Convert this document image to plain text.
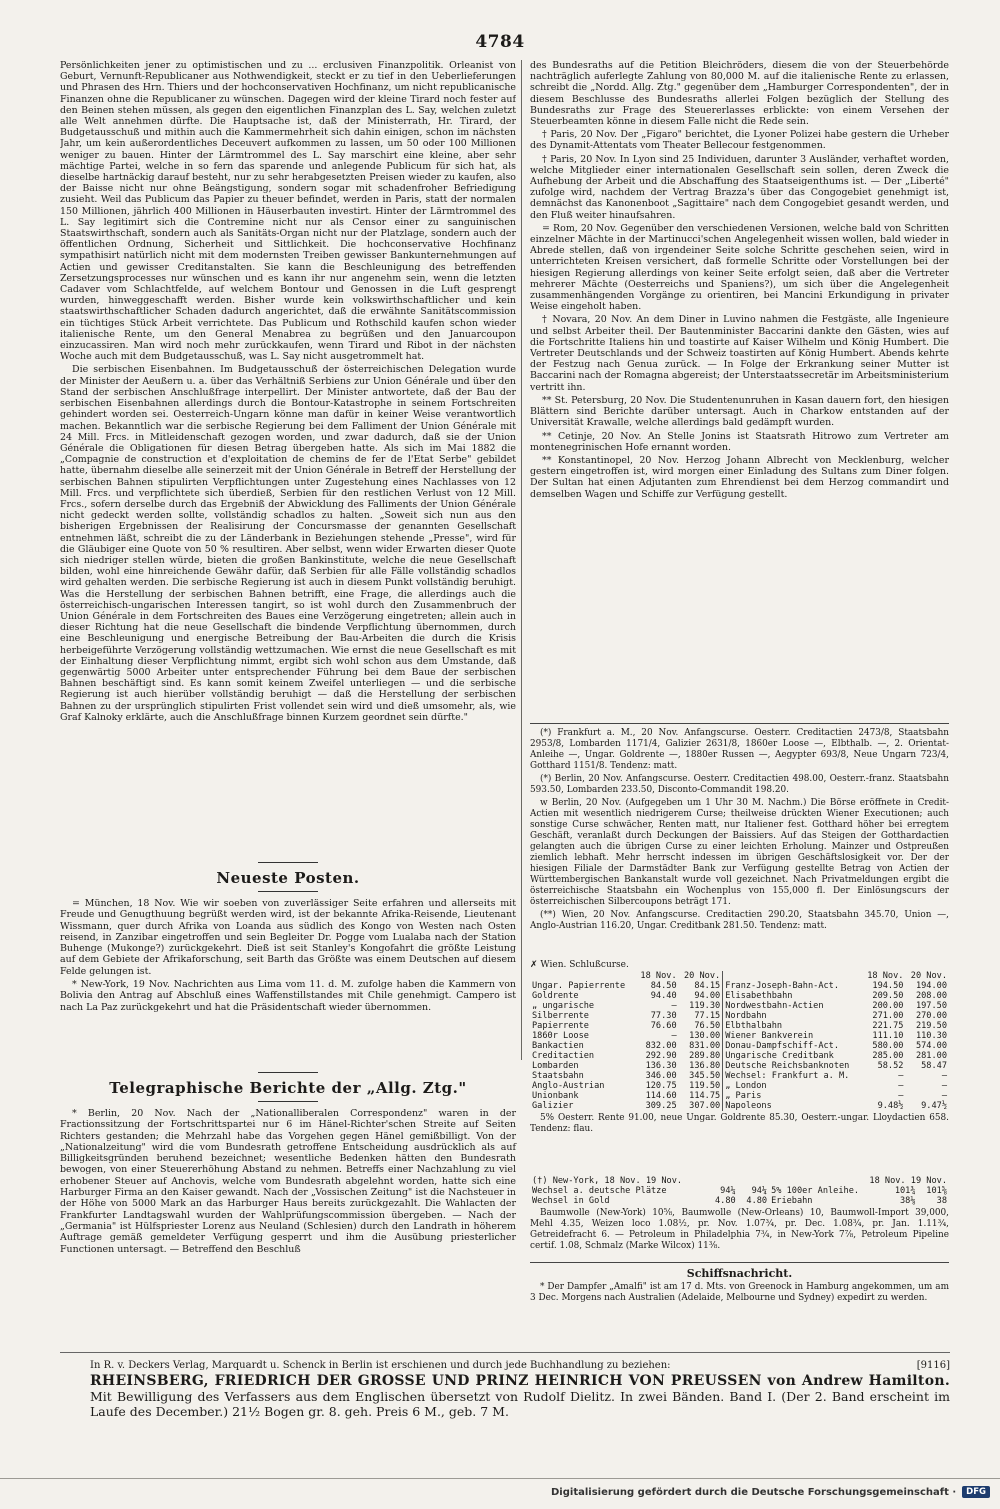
4784

Persönlichkeiten jener zu optimistischen und zu ... erclusiven Finanzpolitik. Orleanist von Geburt, Vernunft-Republicaner aus Nothwendigkeit, steckt er zu tief in den Ueberlieferungen und Phrasen des Hrn. Thiers und der hochconservativen Hochfinanz, um nicht republicanische Finanzen ohne die Republicaner zu wünschen. Dagegen wird der kleine Tirard noch fester auf den Beinen stehen müssen, als gegen den eigentlichen Finanzplan des L. Say, welchen zuletzt alle Welt annehmen dürfte. Die Hauptsache ist, daß der Ministerrath, Hr. Tirard, der Budgetausschuß und mithin auch die Kammermehrheit sich dahin einigen, schon im nächsten Jahr, um kein außerordentliches Deceuvert aufkommen zu lassen, um 50 oder 100 Millionen weniger zu bauen. Hinter der Lärmtrommel des L. Say marschirt eine kleine, aber sehr mächtige Partei, welche in so fern das sparende und anlegende Publicum für sich hat, als dieselbe hartnäckig darauf besteht, nur zu sehr herabgesetzten Preisen wieder zu kaufen, also der Baisse nicht nur ohne Beängstigung, sondern sogar mit schadenfroher Befriedigung zusieht. Weil das Publicum das Papier zu theuer befindet, werden in Paris, statt der normalen 150 Millionen, jährlich 400 Millionen in Häuserbauten investirt. Hinter der Lärmtrommel des L. Say legitimirt sich die Contremine nicht nur als Censor einer zu sanguinischen Staatswirthschaft, sondern auch als Sanitäts-Organ nicht nur der Platzlage, sondern auch der öffentlichen Ordnung, Sicherheit und Sittlichkeit. Die hochconservative Hochfinanz sympathisirt natürlich nicht mit dem modernsten Treiben gewisser Bankunternehmungen auf Actien und gewisser Creditanstalten. Sie kann die Beschleunigung des betreffenden Zersetzungsprocesses nur wünschen und es kann ihr nur angenehm sein, wenn die letzten Cadaver vom Schlachtfelde, auf welchem Bontour und Genossen in die Luft gesprengt wurden, hinweggeschafft werden. Bisher wurde kein volkswirthschaftlicher und kein staatswirthschaftlicher Schaden dadurch angerichtet, daß die erwähnte Sanitätscommission ein tüchtiges Stück Arbeit verrichtete. Das Publicum und Rothschild kaufen schon wieder italienische Rente, um den General Menabrea zu begrüßen und den Januarcoupon einzucassiren. Man wird noch mehr zurückkaufen, wenn Tirard und Ribot in der nächsten Woche auch mit dem Budgetausschuß, was L. Say nicht ausgetrommelt hat.

Die serbischen Eisenbahnen. Im Budgetausschuß der österreichischen Delegation wurde der Minister der Aeußern u. a. über das Verhältniß Serbiens zur Union Générale und über den Stand der serbischen Anschlußfrage interpellirt. Der Minister antwortete, daß der Bau der serbischen Eisenbahnen allerdings durch die Bontour-Katastrophe in seinem Fortschreiten gehindert worden sei. Oesterreich-Ungarn könne man dafür in keiner Weise verantwortlich machen. Bekanntlich war die serbische Regierung bei dem Falliment der Union Générale mit 24 Mill. Frcs. in Mitleidenschaft gezogen worden, und zwar dadurch, daß sie der Union Générale die Obligationen für diesen Betrag übergeben hatte. Als sich im Mai 1882 die „Compagnie de construction et d'exploitation de chemins de fer de l'Etat Serbe" gebildet hatte, übernahm dieselbe alle seinerzeit mit der Union Générale in Betreff der Herstellung der serbischen Bahnen stipulirten Verpflichtungen unter Zugestehung eines Nachlasses von 12 Mill. Frcs. und verpflichtete sich überdieß, Serbien für den restlichen Verlust von 12 Mill. Frcs., sofern derselbe durch das Ergebniß der Abwicklung des Falliments der Union Générale nicht gedeckt werden sollte, vollständig schadlos zu halten. „Soweit sich nun aus den bisherigen Ergebnissen der Realisirung der Concursmasse der genannten Gesellschaft entnehmen läßt, schreibt die zu der Länderbank in Beziehungen stehende „Presse", wird für die Gläubiger eine Quote von 50 % resultiren. Aber selbst, wenn wider Erwarten dieser Quote sich niedriger stellen würde, bieten die großen Bankinstitute, welche die neue Gesellschaft bilden, wohl eine hinreichende Gewähr dafür, daß Serbien für alle Fälle vollständig schadlos wird gehalten werden. Die serbische Regierung ist auch in diesem Punkt vollständig beruhigt. Was die Herstellung der serbischen Bahnen betrifft, eine Frage, die allerdings auch die österreichisch-ungarischen Interessen tangirt, so ist wohl durch den Zusammenbruch der Union Générale in dem Fortschreiten des Baues eine Verzögerung eingetreten; allein auch in dieser Richtung hat die neue Gesellschaft die bindende Verpflichtung übernommen, durch eine Beschleunigung und energische Betreibung der Bau-Arbeiten die durch die Krisis herbeigeführte Verzögerung vollständig wettzumachen. Wie ernst die neue Gesellschaft es mit der Einhaltung dieser Verpflichtung nimmt, ergibt sich wohl schon aus dem Umstande, daß gegenwärtig 5000 Arbeiter unter entsprechender Führung bei dem Baue der serbischen Bahnen beschäftigt sind. Es kann somit keinem Zweifel unterliegen — und die serbische Regierung ist auch hierüber vollständig beruhigt — daß die Herstellung der serbischen Bahnen zu der ursprünglich stipulirten Frist vollendet sein wird und dieß umsomehr, als, wie Graf Kalnoky erklärte, auch die Anschlußfrage binnen Kurzem geordnet sein dürfte."

Neueste Posten.

= München, 18 Nov. Wie wir soeben von zuverlässiger Seite erfahren und allerseits mit Freude und Genugthuung begrüßt werden wird, ist der bekannte Afrika-Reisende, Lieutenant Wissmann, quer durch Afrika von Loanda aus südlich des Kongo von Westen nach Osten reisend, in Zanzibar eingetroffen und sein Begleiter Dr. Pogge vom Lualaba nach der Station Buhenge (Mukonge?) zurückgekehrt. Dieß ist seit Stanley's Kongofahrt die größte Leistung auf dem Gebiete der Afrikaforschung, seit Barth das Größte was einem Deutschen auf diesem Felde gelungen ist.

* New-York, 19 Nov. Nachrichten aus Lima vom 11. d. M. zufolge haben die Kammern von Bolivia den Antrag auf Abschluß eines Waffenstillstandes mit Chile genehmigt. Campero ist nach La Paz zurückgekehrt und hat die Präsidentschaft wieder übernommen.

Telegraphische Berichte der „Allg. Ztg."

* Berlin, 20 Nov. Nach der „Nationalliberalen Correspondenz" waren in der Fractionssitzung der Fortschrittspartei nur 6 im Hänel-Richter'schen Streite auf Seiten Richters gestanden; die Mehrzahl habe das Vorgehen gegen Hänel gemißbilligt. Von der „Nationalzeitung" wird die vom Bundesrath getroffene Entscheidung ausdrücklich als auf Billigkeitsgründen beruhend bezeichnet; wesentliche Bedenken hätten den Bundesrath bewogen, von einer Steuererhöhung Abstand zu nehmen. Betreffs einer Nachzahlung zu viel erhobener Steuer auf Anchovis, welche vom Bundesrath abgelehnt worden, hatte sich eine Harburger Firma an den Kaiser gewandt. Nach der „Vossischen Zeitung" ist die Nachsteuer in der Höhe von 5000 Mark an das Harburger Haus bereits zurückgezahlt. Die Wahlacten der Frankfurter Landtagswahl wurden der Wahlprüfungscommission übergeben. — Nach der „Germania" ist Hülfspriester Lorenz aus Neuland (Schlesien) durch den Landrath in höherem Auftrage gemäß gemeldeter Verfügung gesperrt und ihm die Ausübung priesterlicher Functionen untersagt. — Betreffend den Beschluß

des Bundesraths auf die Petition Bleichröders, diesem die von der Steuerbehörde nachträglich auferlegte Zahlung von 80,000 M. auf die italienische Rente zu erlassen, schreibt die „Nordd. Allg. Ztg." gegenüber dem „Hamburger Correspondenten", der in diesem Beschlusse des Bundesraths allerlei Folgen bezüglich der Stellung des Bundesraths zur Frage des Steuererlasses erblickte: von einem Versehen der Steuerbeamten könne in diesem Falle nicht die Rede sein.

† Paris, 20 Nov. Der „Figaro" berichtet, die Lyoner Polizei habe gestern die Urheber des Dynamit-Attentats vom Theater Bellecour festgenommen.

† Paris, 20 Nov. In Lyon sind 25 Individuen, darunter 3 Ausländer, verhaftet worden, welche Mitglieder einer internationalen Gesellschaft sein sollen, deren Zweck die Aufhebung der Arbeit und die Abschaffung des Staatseigenthums ist. — Der „Liberté" zufolge wird, nachdem der Vertrag Brazza's über das Congogebiet genehmigt ist, demnächst das Kanonenboot „Sagittaire" nach dem Congogebiet gesandt werden, und den Fluß weiter hinaufsahren.

= Rom, 20 Nov. Gegenüber den verschiedenen Versionen, welche bald von Schritten einzelner Mächte in der Martinucci'schen Angelegenheit wissen wollen, bald wieder in Abrede stellen, daß von irgendeiner Seite solche Schritte geschehen seien, wird in unterrichteten Kreisen versichert, daß formelle Schritte oder Vorstellungen bei der hiesigen Regierung allerdings von keiner Seite erfolgt seien, daß aber die Vertreter mehrerer Mächte (Oesterreichs und Spaniens?), um sich über die Angelegenheit zusammenhängenden Vorgänge zu orientiren, bei Mancini Erkundigung in privater Weise eingeholt haben.

† Novara, 20 Nov. An dem Diner in Luvino nahmen die Festgäste, alle Ingenieure und selbst Arbeiter theil. Der Bautenminister Baccarini dankte den Gästen, wies auf die Fortschritte Italiens hin und toastirte auf Kaiser Wilhelm und König Humbert. Die Vertreter Deutschlands und der Schweiz toastirten auf König Humbert. Abends kehrte der Festzug nach Genua zurück. — In Folge der Erkrankung seiner Mutter ist Baccarini nach der Romagna abgereist; der Unterstaatssecretär im Arbeitsministerium vertritt ihn.

** St. Petersburg, 20 Nov. Die Studentenunruhen in Kasan dauern fort, den hiesigen Blättern sind Berichte darüber untersagt. Auch in Charkow entstanden auf der Universität Krawalle, welche allerdings bald gedämpft wurden.

** Cetinje, 20 Nov. An Stelle Jonins ist Staatsrath Hitrowo zum Vertreter am montenegrinischen Hofe ernannt worden.

** Konstantinopel, 20 Nov. Herzog Johann Albrecht von Mecklenburg, welcher gestern eingetroffen ist, wird morgen einer Einladung des Sultans zum Diner folgen. Der Sultan hat einen Adjutanten zum Ehrendienst bei dem Herzog commandirt und demselben Wagen und Schiffe zur Verfügung gestellt.

(*) Frankfurt a. M., 20 Nov. Anfangscurse. Oesterr. Creditactien 2473/8, Staatsbahn 2953/8, Lombarden 1171/4, Galizier 2631/8, 1860er Loose —, Elbthalb. —, 2. Orientat-Anleihe —, Ungar. Goldrente —, 1880er Russen —, Aegypter 693/8, Neue Ungarn 723/4, Gotthard 1151/8. Tendenz: matt.

(*) Berlin, 20 Nov. Anfangscurse. Oesterr. Creditactien 498.00, Oesterr.-franz. Staatsbahn 593.50, Lombarden 233.50, Disconto-Commandit 198.20.

w Berlin, 20 Nov. (Aufgegeben um 1 Uhr 30 M. Nachm.) Die Börse eröffnete in Credit-Actien mit wesentlich niedrigerem Curse; theilweise drückten Wiener Executionen; auch sonstige Curse schwächer, Renten matt, nur Italiener fest. Gotthard höher bei erregtem Geschäft, veranlaßt durch Deckungen der Baissiers. Auf das Steigen der Gotthardactien gelangten auch die übrigen Curse zu einer leichten Erholung. Mainzer und Ostpreußen ziemlich lebhaft. Mehr herrscht indessen im übrigen Geschäftslosigkeit vor. Der der hiesigen Filiale der Darmstädter Bank zur Verfügung gestellte Betrag von Actien der Württembergischen Bankanstalt wurde voll gezeichnet. Nach Privatmeldungen ergibt die österreichische Staatsbahn ein Wochenplus von 155,000 fl. Der Einlösungscurs der österreichischen Silbercoupons beträgt 171.

(**) Wien, 20 Nov. Anfangscurse. Creditactien 290.20, Staatsbahn 345.70, Union —, Anglo-Austrian 116.20, Ungar. Creditbank 281.50. Tendenz: matt.

✗ Wien. Schlußcurse.
	18 Nov.	20 Nov.		18 Nov.	20 Nov.
Ungar. Papierrente	84.50	84.15	Franz-Joseph-Bahn-Act.	194.50	194.00
Goldrente	94.40	94.00	Elisabethbahn	209.50	208.00
„ ungarische	—	119.30	Nordwestbahn-Actien	200.00	197.50
Silberrente	77.30	77.15	Nordbahn	271.00	270.00
Papierrente	76.60	76.50	Elbthalbahn	221.75	219.50
1860r Loose	—	130.00	Wiener Bankverein	111.10	110.30
Bankactien	832.00	831.00	Donau-Dampfschiff-Act.	580.00	574.00
Creditactien	292.90	289.80	Ungarische Creditbank	285.00	281.00
Lombarden	136.30	136.80	Deutsche Reichsbanknoten	58.52	58.47
Staatsbahn	346.00	345.50	Wechsel: Frankfurt a. M.	—	—
Anglo-Austrian	120.75	119.50	„ London	—	—
Unionbank	114.60	114.75	„ Paris	—	—
Galizier	309.25	307.00	Napoleons	9.48½	9.47½

5% Oesterr. Rente 91.00, neue Ungar. Goldrente 85.30, Oesterr.-ungar. Lloydactien 658. Tendenz: flau.

(†) New-York, 18 Nov. 19 Nov.			18 Nov. 19 Nov.		
Wechsel a. deutsche Plätze	94¼	94¼	5% 100er Anleihe.	101¾	101⅝
Wechsel in Gold	4.80	4.80	Eriebahn	38⅛	38

Baumwolle (New-York) 10⅝, Baumwolle (New-Orleans) 10, Baumwoll-Import 39,000, Mehl 4.35, Weizen loco 1.08½, pr. Nov. 1.07¾, pr. Dec. 1.08¾, pr. Jan. 1.11¾, Getreidefracht 6. — Petroleum in Philadelphia 7¾, in New-York 7⅞, Petroleum Pipeline certif. 1.08, Schmalz (Marke Wilcox) 11⅜.

Schiffsnachricht.

* Der Dampfer „Amalfi" ist am 17 d. Mts. von Greenock in Hamburg angekommen, um am 3 Dec. Morgens nach Australien (Adelaide, Melbourne und Sydney) expedirt zu werden.

In R. v. Deckers Verlag, Marquardt u. Schenck in Berlin ist erschienen und durch jede Buchhandlung zu beziehen:	[9116]
RHEINSBERG, FRIEDRICH DER GROSSE UND PRINZ HEINRICH VON PREUSSEN von Andrew Hamilton. Mit Bewilligung des Verfassers aus dem Englischen übersetzt von Rudolf Dielitz. In zwei Bänden. Band I. (Der 2. Band erscheint im Laufe des December.) 21½ Bogen gr. 8. geh. Preis 6 M., geb. 7 M.
Digitalisierung gefördert durch die Deutsche Forschungsgemeinschaft ·	DFG
